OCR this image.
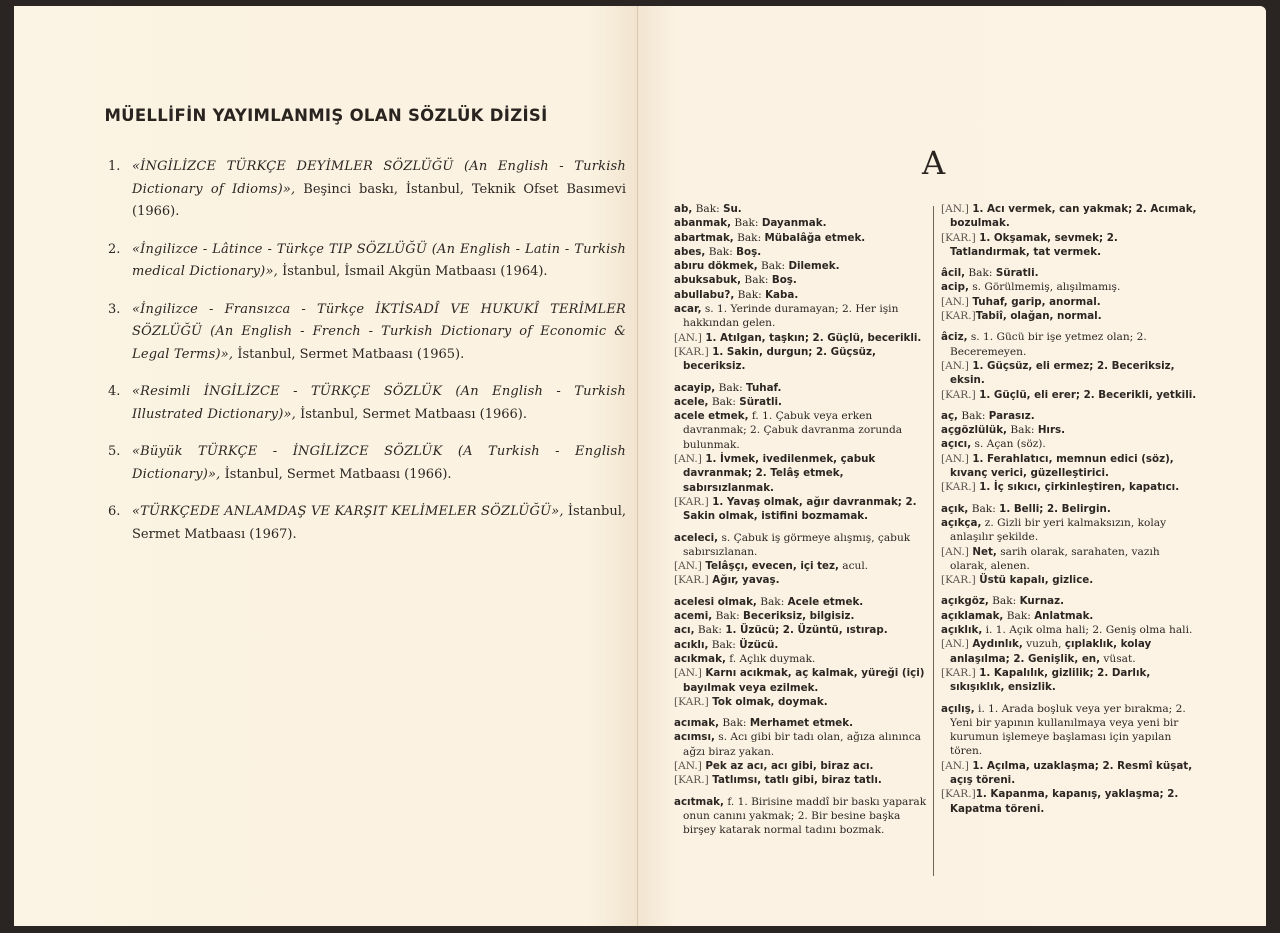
MÜELLİFİN YAYIMLANMIŞ OLAN SÖZLÜK DİZİSİ
1. «İNGİLİZCE TÜRKÇE DEYİMLER SÖZLÜĞÜ (An English - Turkish Dictionary of Idioms)», Beşinci baskı, İstanbul, Teknik Ofset Basımevi (1966).
2. «İngilizce - Lâtince - Türkçe TIP SÖZLÜĞÜ (An English - Latin - Turkish medical Dictionary)», İstanbul, İsmail Akgün Matbaası (1964).
3. «İngilizce - Fransızca - Türkçe İKTİSADÎ VE HUKUKÎ TERİMLER SÖZLÜĞÜ (An English - French - Turkish Dictionary of Economic & Legal Terms)», İstanbul, Sermet Matbaası (1965).
4. «Resimli İNGİLİZCE - TÜRKÇE SÖZLÜK (An English - Turkish Illustrated Dictionary)», İstanbul, Sermet Matbaası (1966).
5. «Büyük TÜRKÇE - İNGİLİZCE SÖZLÜK (A Turkish - English Dictionary)», İstanbul, Sermet Matbaası (1966).
6. «TÜRKÇEDE ANLAMDAŞ VE KARŞIT KELİMELER SÖZLÜĞÜ», İstanbul, Sermet Matbaası (1967).
A
ab, Bak: Su.
abanmak, Bak: Dayanmak.
abartmak, Bak: Mübalâğa etmek.
abes, Bak: Boş.
abıru dökmek, Bak: Dilemek.
abuksabuk, Bak: Boş.
abullabu?, Bak: Kaba.
acar, s. 1. Yerinde duramayan; 2. Her işin hakkından gelen.
[AN.] 1. Atılgan, taşkın; 2. Güçlü, becerikli.
[KAR.] 1. Sakin, durgun; 2. Güçsüz, beceriksiz.
acayip, Bak: Tuhaf.
acele, Bak: Süratli.
acele etmek, f. 1. Çabuk veya erken davranmak; 2. Çabuk davranma zorunda bulunmak.
[AN.] 1. İvmek, ivedilenmek, çabuk davranmak; 2. Telâş etmek, sabırsızlanmak.
[KAR.] 1. Yavaş olmak, ağır davranmak; 2. Sakin olmak, istifini bozmamak.
aceleci, s. Çabuk iş görmeye alışmış, çabuk sabırsızlanan.
[AN.] Telâşçı, evecen, içi tez, acul.
[KAR.] Ağır, yavaş.
acelesi olmak, Bak: Acele etmek.
acemi, Bak: Beceriksiz, bilgisiz.
acı, Bak: 1. Üzücü; 2. Üzüntü, ıstırap.
acıklı, Bak: Üzücü.
acıkmak, f. Açlık duymak.
[AN.] Karnı acıkmak, aç kalmak, yüreği (içi) bayılmak veya ezilmek.
[KAR.] Tok olmak, doymak.
acımak, Bak: Merhamet etmek.
acımsı, s. Acı gibi bir tadı olan, ağıza alınınca ağzı biraz yakan.
[AN.] Pek az acı, acı gibi, biraz acı.
[KAR.] Tatlımsı, tatlı gibi, biraz tatlı.
acıtmak, f. 1. Birisine maddî bir baskı yaparak onun canını yakmak; 2. Bir besine başka birşey katarak normal tadını bozmak.
[AN.] 1. Acı vermek, can yakmak; 2. Acımak, bozulmak.
[KAR.] 1. Okşamak, sevmek; 2. Tatlandırmak, tat vermek.
âcil, Bak: Süratli.
acip, s. Görülmemiş, alışılmamış.
[AN.] Tuhaf, garip, anormal.
[KAR.]Tabiî, olağan, normal.
âciz, s. 1. Gücü bir işe yetmez olan; 2. Beceremeyen.
[AN.] 1. Güçsüz, eli ermez; 2. Beceriksiz, eksin.
[KAR.] 1. Güçlü, eli erer; 2. Becerikli, yetkili.
aç, Bak: Parasız.
açgözlülük, Bak: Hırs.
açıcı, s. Açan (söz).
[AN.] 1. Ferahlatıcı, memnun edici (söz), kıvanç verici, güzelleştirici.
[KAR.] 1. İç sıkıcı, çirkinleştiren, kapatıcı.
açık, Bak: 1. Belli; 2. Belirgin.
açıkça, z. Gizli bir yeri kalmaksızın, kolay anlaşılır şekilde.
[AN.] Net, sarih olarak, sarahaten, vazıh olarak, alenen.
[KAR.] Üstü kapalı, gizlice.
açıkgöz, Bak: Kurnaz.
açıklamak, Bak: Anlatmak.
açıklık, i. 1. Açık olma hali; 2. Geniş olma hali.
[AN.] Aydınlık, vuzuh, çıplaklık, kolay anlaşılma; 2. Genişlik, en, vüsat.
[KAR.] 1. Kapalılık, gizlilik; 2. Darlık, sıkışıklık, ensizlik.
açılış, i. 1. Arada boşluk veya yer bırakma; 2. Yeni bir yapının kullanılmaya veya yeni bir kurumun işlemeye başlaması için yapılan tören.
[AN.] 1. Açılma, uzaklaşma; 2. Resmî küşat, açış töreni.
[KAR.]1. Kapanma, kapanış, yaklaşma; 2. Kapatma töreni.
